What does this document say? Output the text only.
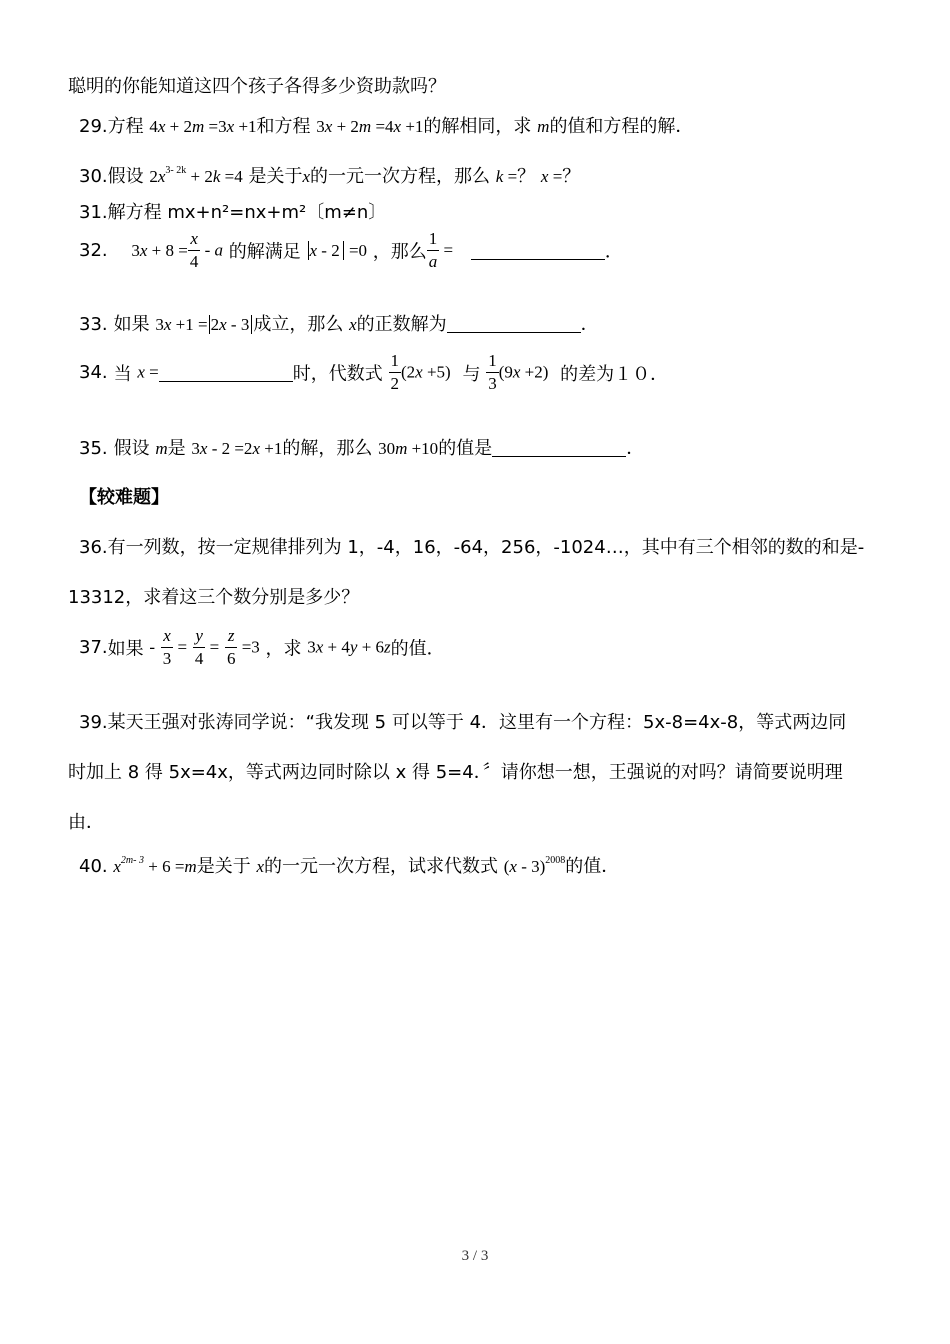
聪明的你能知道这四个孩子各得多少资助款吗？
29.方程 4x + 2m =3x +1和方程 3x + 2m =4x +1的解相同，求 m的值和方程的解．
30.假设 $2x^{3- 2k} + 2k =4$ 是关于x的一元一次方程，那么 k =？ x =？
31.解方程 mx+n²=nx+m²〔m≠n〕
32. $3x + 8 = \frac{x}{4} - a$ 的解满足 x - 2 =0 ，那么 $\frac{1}{a}$ =	．
33. 如果 3x +1 = 2x - 3 成立，那么 x的正数解为	．
34. 当 x =	时，代数式 $\frac{1}{2} (2x +5)$ 与 $\frac{1}{3} (9x +2)$ 的差为１０．
35. 假设 m是 3x - 2 =2x +1的解，那么 30m +10的值是	．
【较难题】
36.有一列数，按一定规律排列为 1，-4，16，-64，256，-1024…，其中有三个相邻的数的和是-
13312，求着这三个数分别是多少？
37.如果 - $\frac{x}{3} = \frac{y}{4} = \frac{z}{6} =3$ ，求 3x + 4y + 6z的值．
39.某天王强对张涛同学说：“我发现 5 可以等于 4．这里有一个方程：5x-8=4x-8，等式两边同
时加上 8 得 5x=4x，等式两边同时除以 x 得 5=4．〞请你想一想，王强说的对吗？请简要说明理
由．
40. $x^{2m- 3} + 6 =m$是关于 x的一元一次方程，试求代数式 (x - 3)$^{2008}$的值．
3 / 3
